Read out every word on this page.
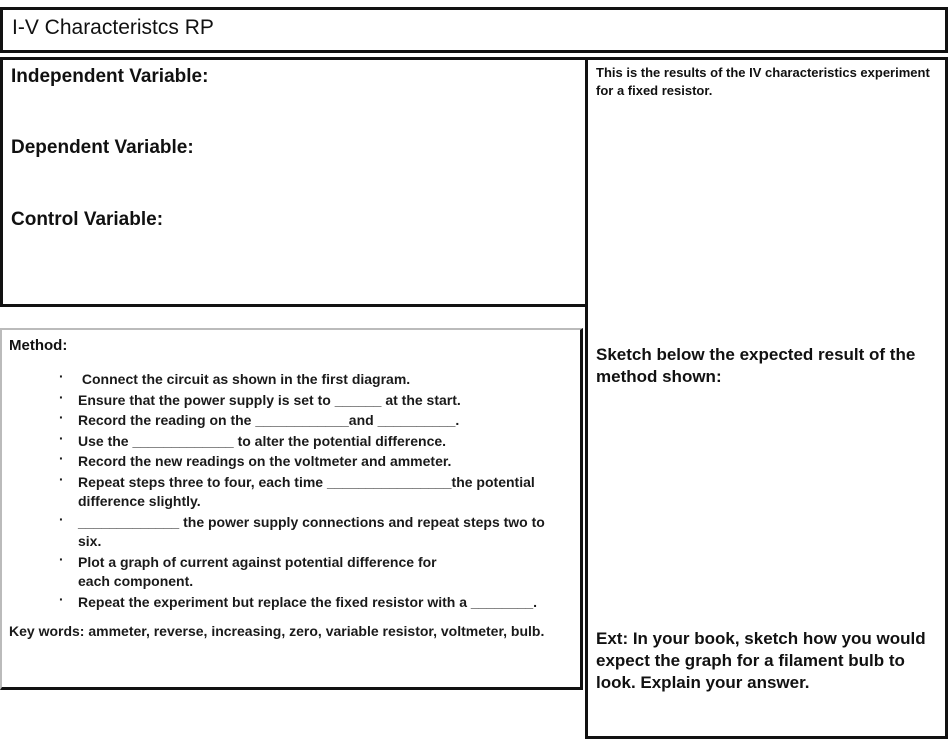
I-V Characteristcs RP
Independent Variable:
Dependent Variable:
Control Variable:
This is the results of the IV characteristics experiment for a fixed resistor.
Sketch below the expected result of the method shown:
Ext: In your book, sketch how you would expect the graph for a filament bulb to look. Explain your answer.
Method:
· Connect the circuit as shown in the first diagram.
· Ensure that the power supply is set to ______ at the start.
· Record the reading on the ____________and __________.
· Use the _____________ to alter the potential difference.
· Record the new readings on the voltmeter and ammeter.
· Repeat steps three to four, each time ________________the potential difference slightly.
· _____________ the power supply connections and repeat steps two to six.
· Plot a graph of current against potential difference for each component.
· Repeat the experiment but replace the fixed resistor with a ________.
Key words: ammeter, reverse, increasing, zero, variable resistor, voltmeter, bulb.
